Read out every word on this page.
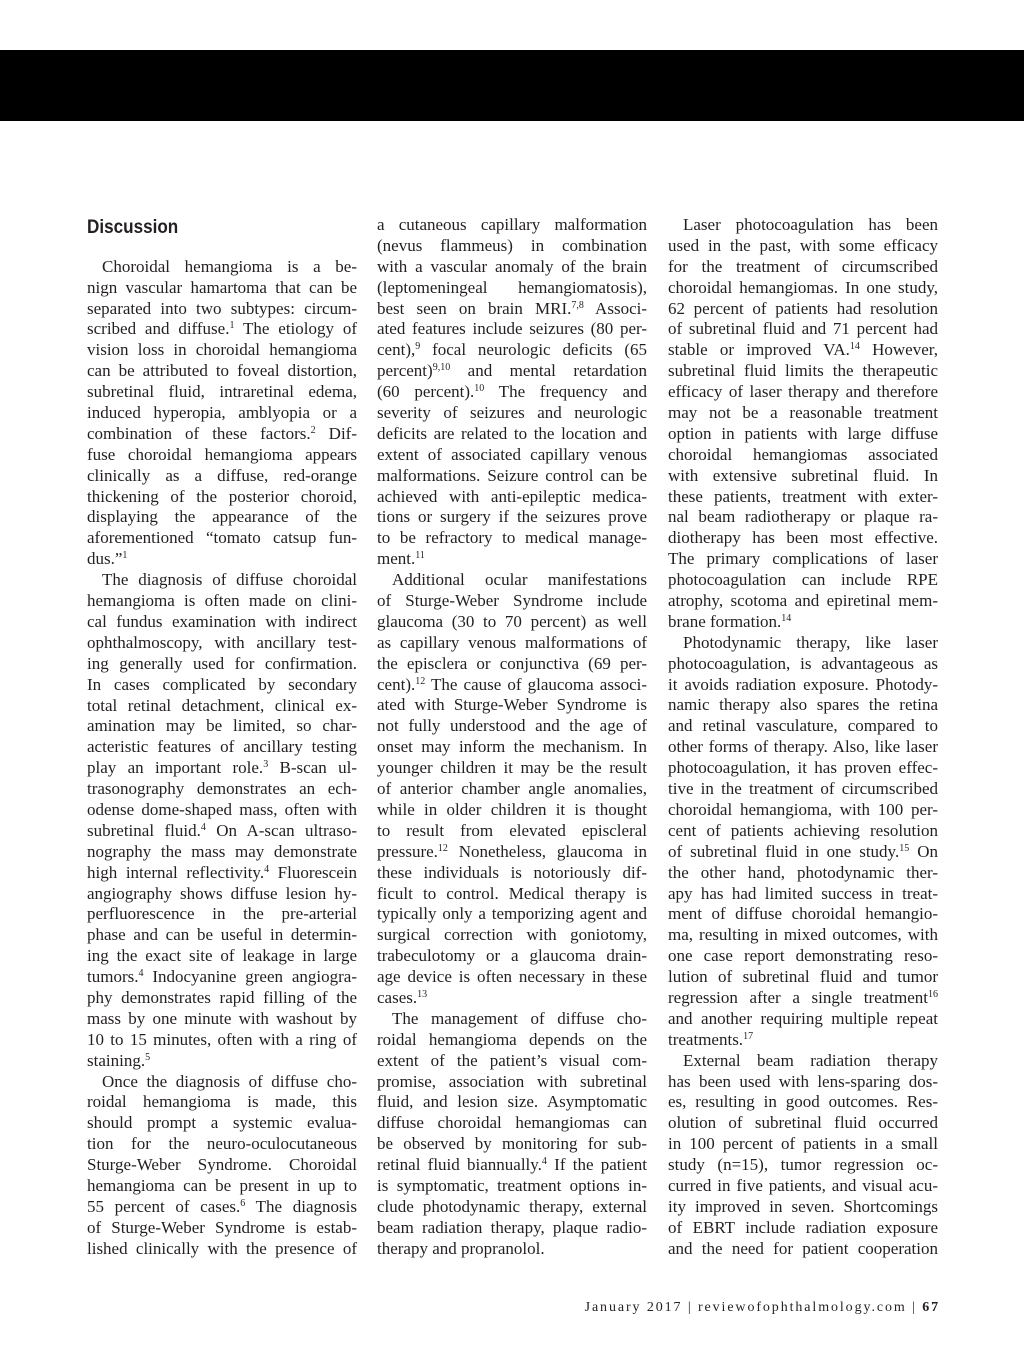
Discussion
Choroidal hemangioma is a be-
nign vascular hamartoma that can be
separated into two subtypes: circum-
scribed and diffuse.$^1$ The etiology of
vision loss in choroidal hemangioma
can be attributed to foveal distortion,
subretinal fluid, intraretinal edema,
induced hyperopia, amblyopia or a
combination of these factors.$^2$ Dif-
fuse choroidal hemangioma appears
clinically as a diffuse, red-orange
thickening of the posterior choroid,
displaying the appearance of the
aforementioned “tomato catsup fun-
dus.”$^1$
The diagnosis of diffuse choroidal
hemangioma is often made on clini-
cal fundus examination with indirect
ophthalmoscopy, with ancillary test-
ing generally used for confirmation.
In cases complicated by secondary
total retinal detachment, clinical ex-
amination may be limited, so char-
acteristic features of ancillary testing
play an important role.$^3$ B-scan ul-
trasonography demonstrates an ech-
odense dome-shaped mass, often with
subretinal fluid.$^4$ On A-scan ultraso-
nography the mass may demonstrate
high internal reflectivity.$^4$ Fluorescein
angiography shows diffuse lesion hy-
perfluorescence in the pre-arterial
phase and can be useful in determin-
ing the exact site of leakage in large
tumors.$^4$ Indocyanine green angiogra-
phy demonstrates rapid filling of the
mass by one minute with washout by
10 to 15 minutes, often with a ring of
staining.$^5$
Once the diagnosis of diffuse cho-
roidal hemangioma is made, this
should prompt a systemic evalua-
tion for the neuro-oculocutaneous
Sturge-Weber Syndrome. Choroidal
hemangioma can be present in up to
55 percent of cases.$^6$ The diagnosis
of Sturge-Weber Syndrome is estab-
lished clinically with the presence of
a cutaneous capillary malformation
(nevus flammeus) in combination
with a vascular anomaly of the brain
(leptomeningeal hemangiomatosis),
best seen on brain MRI.$^{7,8}$ Associ-
ated features include seizures (80 per-
cent),$^9$ focal neurologic deficits (65
percent)$^{9,10}$ and mental retardation
(60 percent).$^{10}$ The frequency and
severity of seizures and neurologic
deficits are related to the location and
extent of associated capillary venous
malformations. Seizure control can be
achieved with anti-epileptic medica-
tions or surgery if the seizures prove
to be refractory to medical manage-
ment.$^{11}$
Additional ocular manifestations
of Sturge-Weber Syndrome include
glaucoma (30 to 70 percent) as well
as capillary venous malformations of
the episclera or conjunctiva (69 per-
cent).$^{12}$ The cause of glaucoma associ-
ated with Sturge-Weber Syndrome is
not fully understood and the age of
onset may inform the mechanism. In
younger children it may be the result
of anterior chamber angle anomalies,
while in older children it is thought
to result from elevated episcleral
pressure.$^{12}$ Nonetheless, glaucoma in
these individuals is notoriously dif-
ficult to control. Medical therapy is
typically only a temporizing agent and
surgical correction with goniotomy,
trabeculotomy or a glaucoma drain-
age device is often necessary in these
cases.$^{13}$
The management of diffuse cho-
roidal hemangioma depends on the
extent of the patient’s visual com-
promise, association with subretinal
fluid, and lesion size. Asymptomatic
diffuse choroidal hemangiomas can
be observed by monitoring for sub-
retinal fluid biannually.$^4$ If the patient
is symptomatic, treatment options in-
clude photodynamic therapy, external
beam radiation therapy, plaque radio-
therapy and propranolol.
Laser photocoagulation has been
used in the past, with some efficacy
for the treatment of circumscribed
choroidal hemangiomas. In one study,
62 percent of patients had resolution
of subretinal fluid and 71 percent had
stable or improved VA.$^{14}$ However,
subretinal fluid limits the therapeutic
efficacy of laser therapy and therefore
may not be a reasonable treatment
option in patients with large diffuse
choroidal hemangiomas associated
with extensive subretinal fluid. In
these patients, treatment with exter-
nal beam radiotherapy or plaque ra-
diotherapy has been most effective.
The primary complications of laser
photocoagulation can include RPE
atrophy, scotoma and epiretinal mem-
brane formation.$^{14}$
Photodynamic therapy, like laser
photocoagulation, is advantageous as
it avoids radiation exposure. Photody-
namic therapy also spares the retina
and retinal vasculature, compared to
other forms of therapy. Also, like laser
photocoagulation, it has proven effec-
tive in the treatment of circumscribed
choroidal hemangioma, with 100 per-
cent of patients achieving resolution
of subretinal fluid in one study.$^{15}$ On
the other hand, photodynamic ther-
apy has had limited success in treat-
ment of diffuse choroidal hemangio-
ma, resulting in mixed outcomes, with
one case report demonstrating reso-
lution of subretinal fluid and tumor
regression after a single treatment$^{16}$
and another requiring multiple repeat
treatments.$^{17}$
External beam radiation therapy
has been used with lens-sparing dos-
es, resulting in good outcomes. Res-
olution of subretinal fluid occurred
in 100 percent of patients in a small
study (n=15), tumor regression oc-
curred in five patients, and visual acu-
ity improved in seven. Shortcomings
of EBRT include radiation exposure
and the need for patient cooperation
January 2017 | reviewofophthalmology.com | 67
